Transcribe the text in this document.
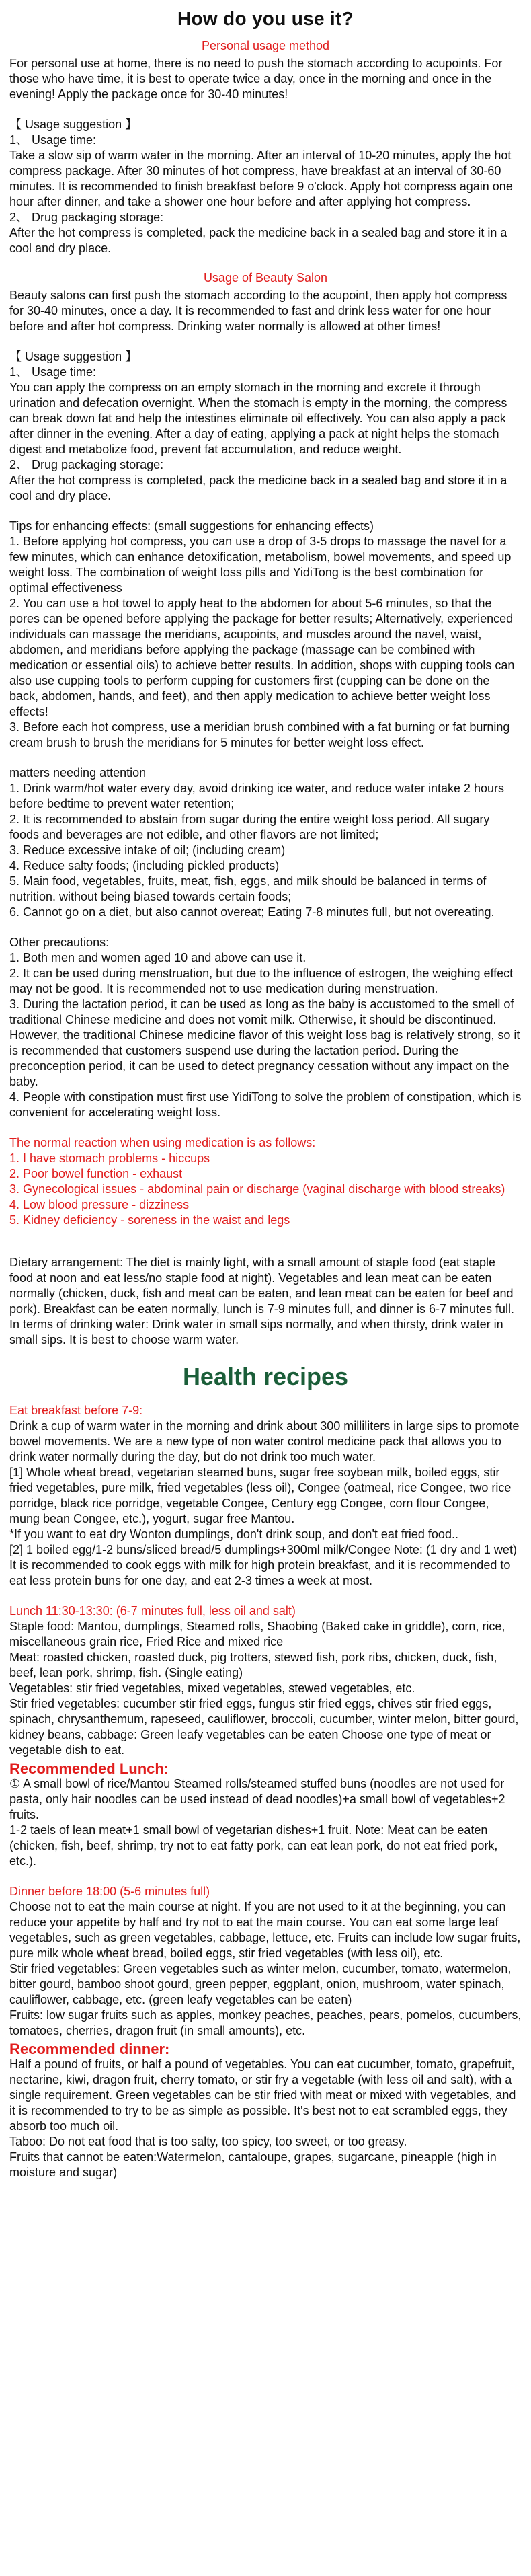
How do you use it?
Personal usage method

For personal use at home, there is no need to push the stomach according to acupoints. For those who have time, it is best to operate twice a day, once in the morning and once in the evening! Apply the package once for 30-40 minutes!

【 Usage suggestion 】
1、 Usage time:
Take a slow sip of warm water in the morning. After an interval of 10-20 minutes, apply the hot compress package. After 30 minutes of hot compress, have breakfast at an interval of 30-60 minutes. It is recommended to finish breakfast before 9 o'clock. Apply hot compress again one hour after dinner, and take a shower one hour before and after applying hot compress.
2、 Drug packaging storage:
After the hot compress is completed, pack the medicine back in a sealed bag and store it in a cool and dry place.

Usage of Beauty Salon

Beauty salons can first push the stomach according to the acupoint, then apply hot compress for 30-40 minutes, once a day. It is recommended to fast and drink less water for one hour before and after hot compress. Drinking water normally is allowed at other times!

【 Usage suggestion 】
1、 Usage time:
You can apply the compress on an empty stomach in the morning and excrete it through urination and defecation overnight. When the stomach is empty in the morning, the compress can break down fat and help the intestines eliminate oil effectively. You can also apply a pack after dinner in the evening. After a day of eating, applying a pack at night helps the stomach digest and metabolize food, prevent fat accumulation, and reduce weight.
2、 Drug packaging storage:
After the hot compress is completed, pack the medicine back in a sealed bag and store it in a cool and dry place.

Tips for enhancing effects: (small suggestions for enhancing effects)
1. Before applying hot compress, you can use a drop of 3-5 drops to massage the navel for a few minutes, which can enhance detoxification, metabolism, bowel movements, and speed up weight loss. The combination of weight loss pills and YidiTong is the best combination for optimal effectiveness
2. You can use a hot towel to apply heat to the abdomen for about 5-6 minutes, so that the pores can be opened before applying the package for better results; Alternatively, experienced individuals can massage the meridians, acupoints, and muscles around the navel, waist, abdomen, and meridians before applying the package (massage can be combined with medication or essential oils) to achieve better results. In addition, shops with cupping tools can also use cupping tools to perform cupping for customers first (cupping can be done on the back, abdomen, hands, and feet), and then apply medication to achieve better weight loss effects!
3. Before each hot compress, use a meridian brush combined with a fat burning or fat burning cream brush to brush the meridians for 5 minutes for better weight loss effect.

matters needing attention
1. Drink warm/hot water every day, avoid drinking ice water, and reduce water intake 2 hours before bedtime to prevent water retention;
2. It is recommended to abstain from sugar during the entire weight loss period. All sugary foods and beverages are not edible, and other flavors are not limited;
3. Reduce excessive intake of oil; (including cream)
4. Reduce salty foods; (including pickled products)
5. Main food, vegetables, fruits, meat, fish, eggs, and milk should be balanced in terms of nutrition. without being biased towards certain foods;
6. Cannot go on a diet, but also cannot overeat; Eating 7-8 minutes full, but not overeating.

Other precautions:
1. Both men and women aged 10 and above can use it.
2. It can be used during menstruation, but due to the influence of estrogen, the weighing effect may not be good. It is recommended not to use medication during menstruation.
3. During the lactation period, it can be used as long as the baby is accustomed to the smell of traditional Chinese medicine and does not vomit milk. Otherwise, it should be discontinued. However, the traditional Chinese medicine flavor of this weight loss bag is relatively strong, so it is recommended that customers suspend use during the lactation period. During the preconception period, it can be used to detect pregnancy cessation without any impact on the baby.
4. People with constipation must first use YidiTong to solve the problem of constipation, which is convenient for accelerating weight loss.

The normal reaction when using medication is as follows:
1. I have stomach problems - hiccups
2. Poor bowel function - exhaust
3. Gynecological issues - abdominal pain or discharge (vaginal discharge with blood streaks)
4. Low blood pressure - dizziness
5. Kidney deficiency - soreness in the waist and legs

Dietary arrangement: The diet is mainly light, with a small amount of staple food (eat staple food at noon and eat less/no staple food at night). Vegetables and lean meat can be eaten normally (chicken, duck, fish and meat can be eaten, and lean meat can be eaten for beef and pork). Breakfast can be eaten normally, lunch is 7-9 minutes full, and dinner is 6-7 minutes full.
In terms of drinking water: Drink water in small sips normally, and when thirsty, drink water in small sips. It is best to choose warm water.

Health recipes
Eat breakfast before 7-9:
Drink a cup of warm water in the morning and drink about 300 milliliters in large sips to promote bowel movements. We are a new type of non water control medicine pack that allows you to drink water normally during the day, but do not drink too much water.
[1] Whole wheat bread, vegetarian steamed buns, sugar free soybean milk, boiled eggs, stir fried vegetables, pure milk, fried vegetables (less oil), Congee (oatmeal, rice Congee, two rice porridge, black rice porridge, vegetable Congee, Century egg Congee, corn flour Congee, mung bean Congee, etc.), yogurt, sugar free Mantou.
*If you want to eat dry Wonton dumplings, don't drink soup, and don't eat fried food..
[2] 1 boiled egg/1-2 buns/sliced bread/5 dumplings+300ml milk/Congee Note: (1 dry and 1 wet) It is recommended to cook eggs with milk for high protein breakfast, and it is recommended to eat less protein buns for one day, and eat 2-3 times a week at most.
Lunch 11:30-13:30: (6-7 minutes full, less oil and salt)
Staple food: Mantou, dumplings, Steamed rolls, Shaobing (Baked cake in griddle), corn, rice, miscellaneous grain rice, Fried Rice and mixed rice
Meat: roasted chicken, roasted duck, pig trotters, stewed fish, pork ribs, chicken, duck, fish, beef, lean pork, shrimp, fish. (Single eating)
Vegetables: stir fried vegetables, mixed vegetables, stewed vegetables, etc.
Stir fried vegetables: cucumber stir fried eggs, fungus stir fried eggs, chives stir fried eggs, spinach, chrysanthemum, rapeseed, cauliflower, broccoli, cucumber, winter melon, bitter gourd, kidney beans, cabbage: Green leafy vegetables can be eaten Choose one type of meat or vegetable dish to eat.
Recommended Lunch:
① A small bowl of rice/Mantou Steamed rolls/steamed stuffed buns (noodles are not used for pasta, only hair noodles can be used instead of dead noodles)+a small bowl of vegetables+2 fruits.
1-2 taels of lean meat+1 small bowl of vegetarian dishes+1 fruit. Note: Meat can be eaten (chicken, fish, beef, shrimp, try not to eat fatty pork, can eat lean pork, do not eat fried pork, etc.).
Dinner before 18:00 (5-6 minutes full)
Choose not to eat the main course at night. If you are not used to it at the beginning, you can reduce your appetite by half and try not to eat the main course. You can eat some large leaf vegetables, such as green vegetables, cabbage, lettuce, etc. Fruits can include low sugar fruits, pure milk whole wheat bread, boiled eggs, stir fried vegetables (with less oil), etc.
Stir fried vegetables: Green vegetables such as winter melon, cucumber, tomato, watermelon, bitter gourd, bamboo shoot gourd, green pepper, eggplant, onion, mushroom, water spinach, cauliflower, cabbage, etc. (green leafy vegetables can be eaten)
Fruits: low sugar fruits such as apples, monkey peaches, peaches, pears, pomelos, cucumbers, tomatoes, cherries, dragon fruit (in small amounts), etc.
Recommended dinner:
Half a pound of fruits, or half a pound of vegetables. You can eat cucumber, tomato, grapefruit, nectarine, kiwi, dragon fruit, cherry tomato, or stir fry a vegetable (with less oil and salt), with a single requirement. Green vegetables can be stir fried with meat or mixed with vegetables, and it is recommended to try to be as simple as possible. It's best not to eat scrambled eggs, they absorb too much oil.
Taboo: Do not eat food that is too salty, too spicy, too sweet, or too greasy.
Fruits that cannot be eaten:Watermelon, cantaloupe, grapes, sugarcane, pineapple (high in moisture and sugar)
